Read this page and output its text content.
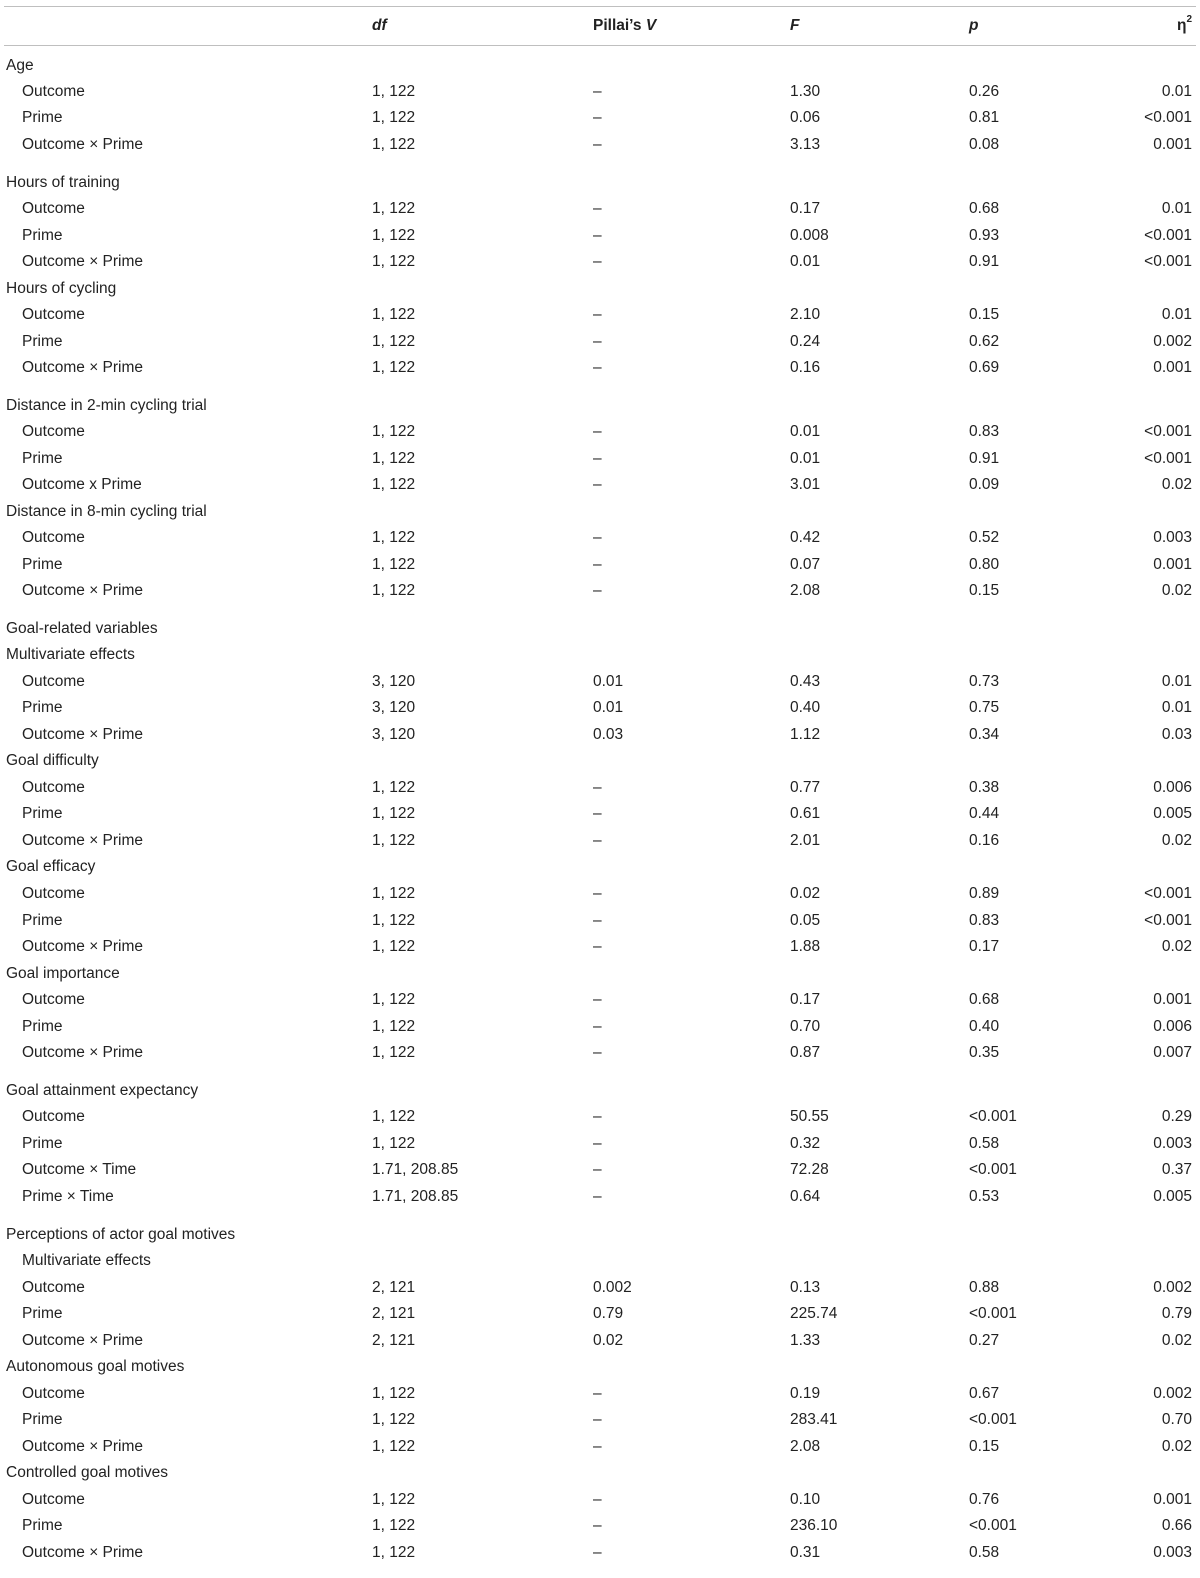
df	Pillai’s V	F	p	$\eta^2$
Age
Outcome	1, 122	–	1.30	0.26	0.01
Prime	1, 122	–	0.06	0.81	<0.001
Outcome × Prime	1, 122	–	3.13	0.08	0.001
Hours of training
Outcome	1, 122	–	0.17	0.68	0.01
Prime	1, 122	–	0.008	0.93	<0.001
Outcome × Prime	1, 122	–	0.01	0.91	<0.001
Hours of cycling
Outcome	1, 122	–	2.10	0.15	0.01
Prime	1, 122	–	0.24	0.62	0.002
Outcome × Prime	1, 122	–	0.16	0.69	0.001
Distance in 2-min cycling trial
Outcome	1, 122	–	0.01	0.83	<0.001
Prime	1, 122	–	0.01	0.91	<0.001
Outcome x Prime	1, 122	–	3.01	0.09	0.02
Distance in 8-min cycling trial
Outcome	1, 122	–	0.42	0.52	0.003
Prime	1, 122	–	0.07	0.80	0.001
Outcome × Prime	1, 122	–	2.08	0.15	0.02
Goal-related variables
Multivariate effects
Outcome	3, 120	0.01	0.43	0.73	0.01
Prime	3, 120	0.01	0.40	0.75	0.01
Outcome × Prime	3, 120	0.03	1.12	0.34	0.03
Goal difficulty
Outcome	1, 122	–	0.77	0.38	0.006
Prime	1, 122	–	0.61	0.44	0.005
Outcome × Prime	1, 122	–	2.01	0.16	0.02
Goal efficacy
Outcome	1, 122	–	0.02	0.89	<0.001
Prime	1, 122	–	0.05	0.83	<0.001
Outcome × Prime	1, 122	–	1.88	0.17	0.02
Goal importance
Outcome	1, 122	–	0.17	0.68	0.001
Prime	1, 122	–	0.70	0.40	0.006
Outcome × Prime	1, 122	–	0.87	0.35	0.007
Goal attainment expectancy
Outcome	1, 122	–	50.55	<0.001	0.29
Prime	1, 122	–	0.32	0.58	0.003
Outcome × Time	1.71, 208.85	–	72.28	<0.001	0.37
Prime × Time	1.71, 208.85	–	0.64	0.53	0.005
Perceptions of actor goal motives
Multivariate effects
Outcome	2, 121	0.002	0.13	0.88	0.002
Prime	2, 121	0.79	225.74	<0.001	0.79
Outcome × Prime	2, 121	0.02	1.33	0.27	0.02
Autonomous goal motives
Outcome	1, 122	–	0.19	0.67	0.002
Prime	1, 122	–	283.41	<0.001	0.70
Outcome × Prime	1, 122	–	2.08	0.15	0.02
Controlled goal motives
Outcome	1, 122	–	0.10	0.76	0.001
Prime	1, 122	–	236.10	<0.001	0.66
Outcome × Prime	1, 122	–	0.31	0.58	0.003
